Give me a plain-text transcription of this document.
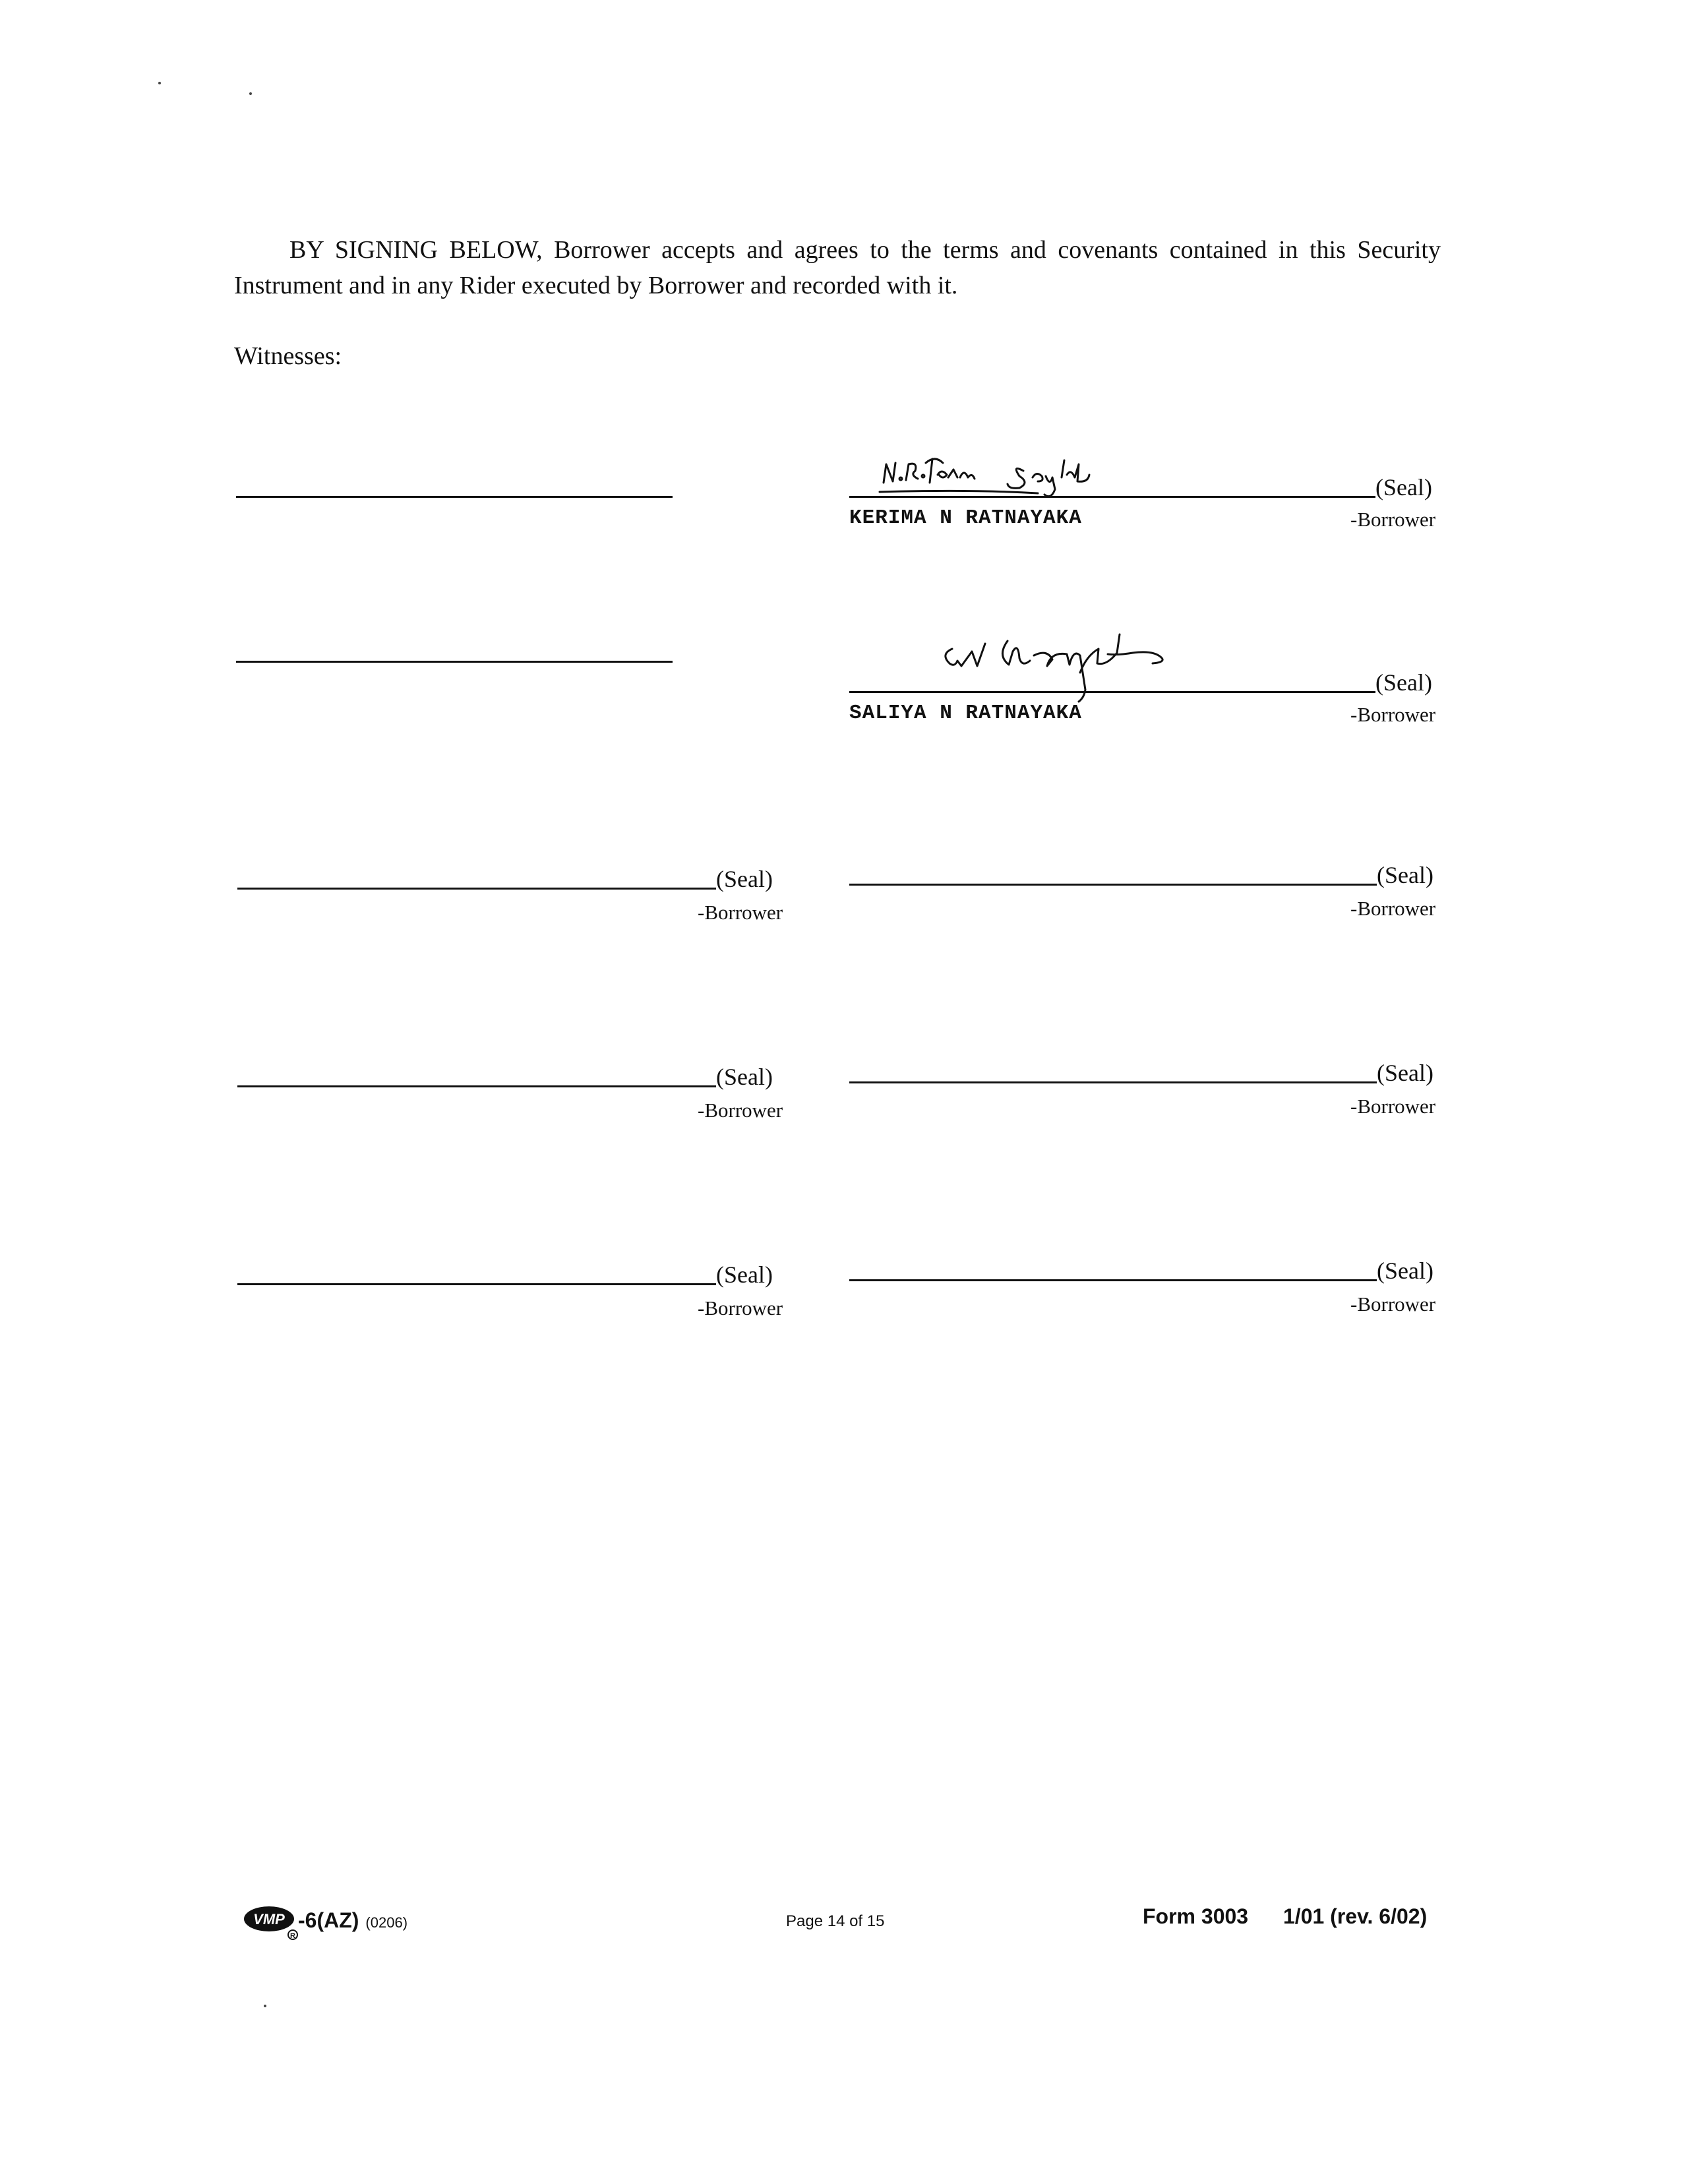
BY SIGNING BELOW, Borrower accepts and agrees to the terms and covenants contained in this Security Instrument and in any Rider executed by Borrower and recorded with it.
Witnesses:
(Seal)
KERIMA N RATNAYAKA	-Borrower
(Seal)
SALIYA N RATNAYAKA	-Borrower
(Seal)
-Borrower
(Seal)
-Borrower
(Seal)
-Borrower
(Seal)
-Borrower
(Seal)
-Borrower
(Seal)
-Borrower
VMP
R
-6(AZ) (0206)	Page 14 of 15	Form 3003 1/01 (rev. 6/02)
